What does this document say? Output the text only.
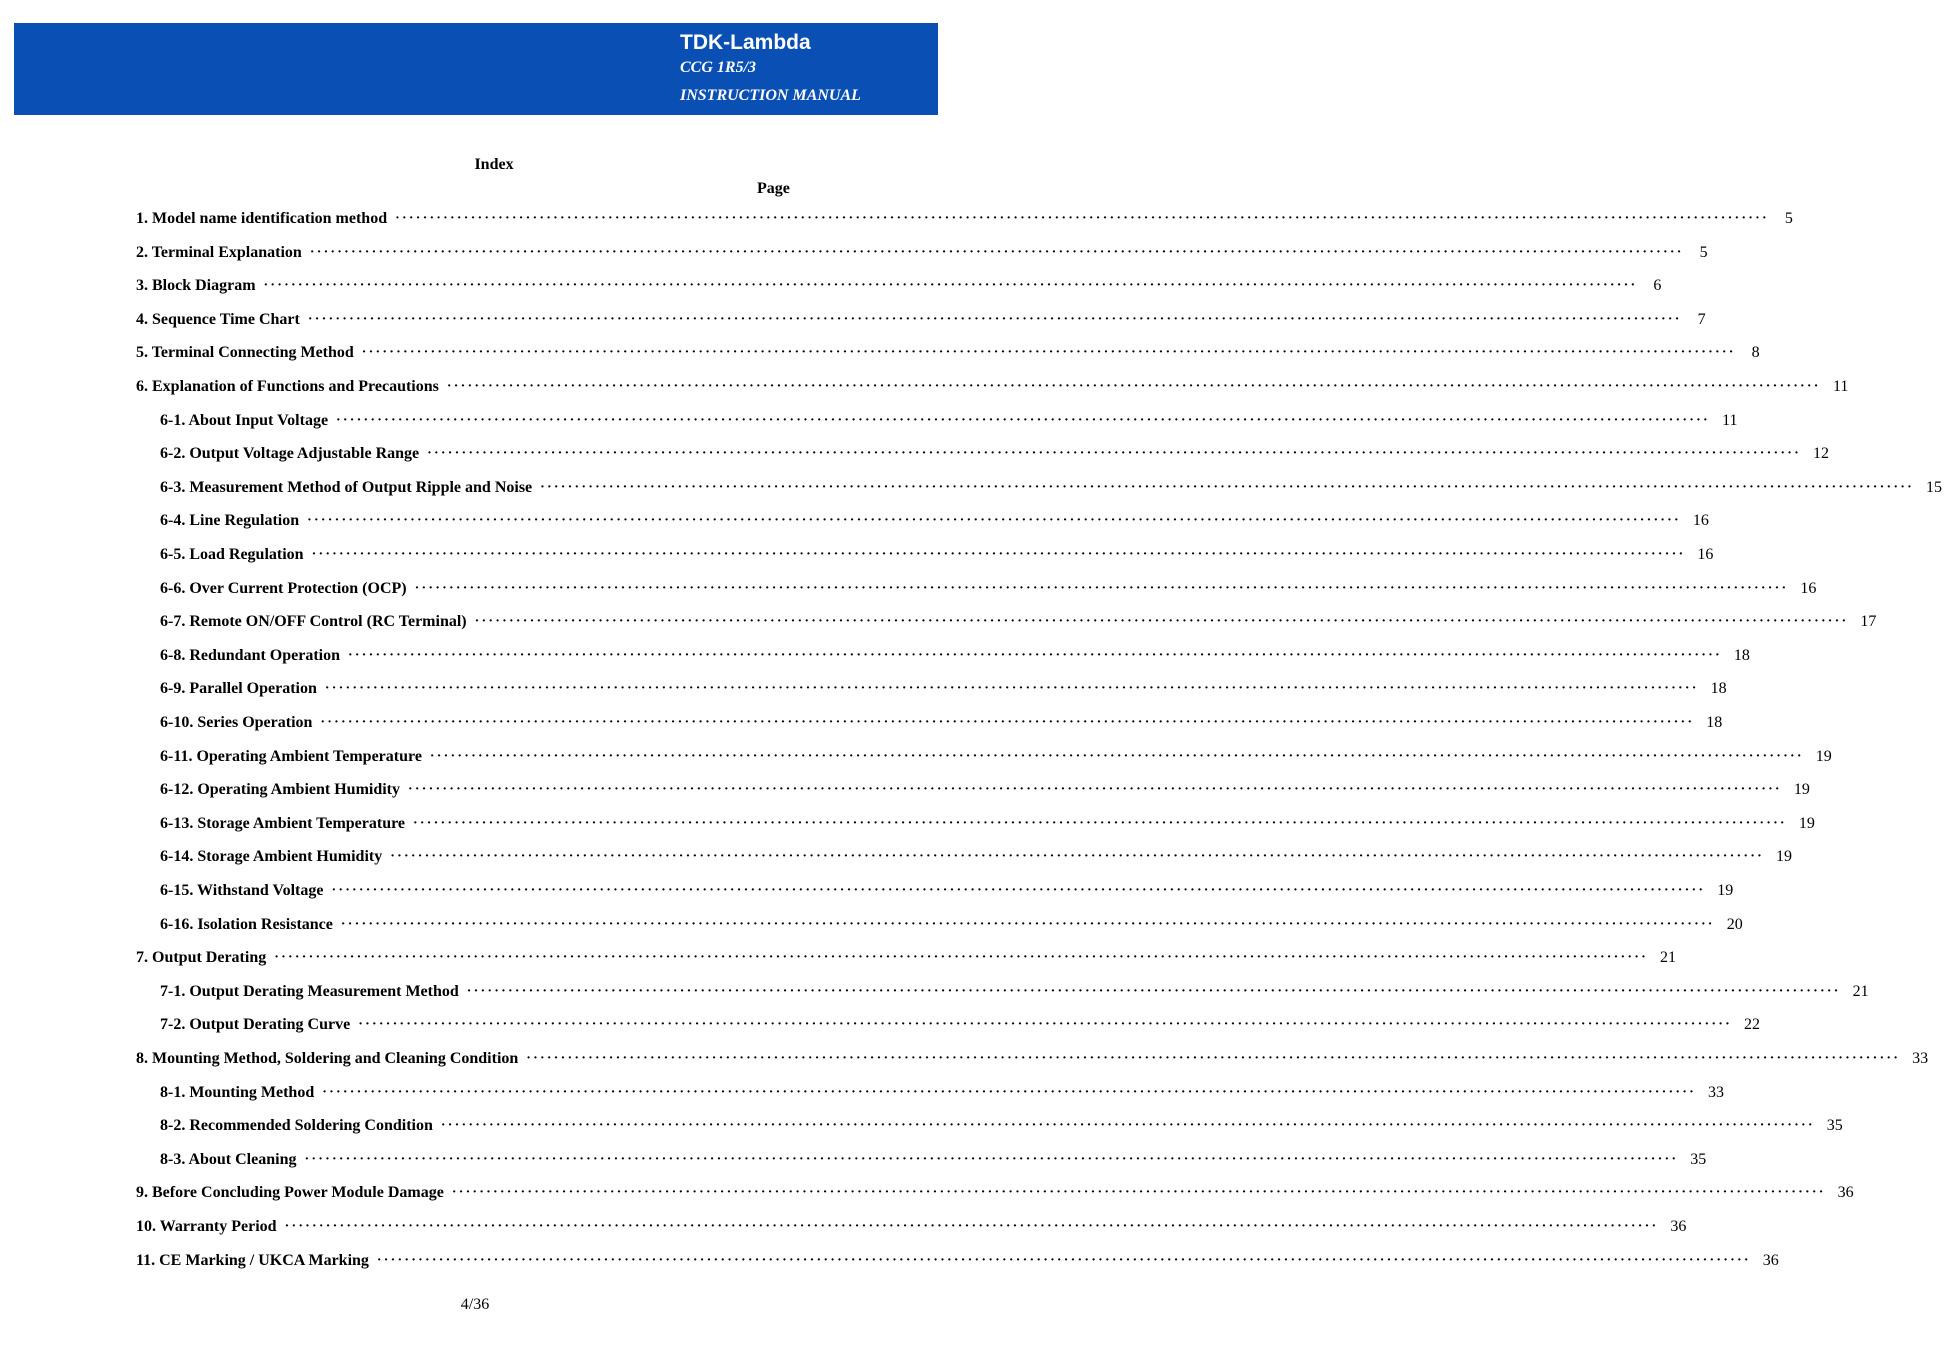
TDK-Lambda
CCG 1R5/3
INSTRUCTION MANUAL
Index
Page
1. Model name identification method ········································································································································································································	5
2. Terminal Explanation ········································································································································································································	5
3. Block Diagram ········································································································································································································	6
4. Sequence Time Chart ········································································································································································································	7
5. Terminal Connecting Method ········································································································································································································	8
6. Explanation of Functions and Precautions ········································································································································································································ 11
6-1. About Input Voltage ········································································································································································································ 11
6-2. Output Voltage Adjustable Range ········································································································································································································ 12
6-3. Measurement Method of Output Ripple and Noise ········································································································································································································ 15
6-4. Line Regulation ········································································································································································································ 16
6-5. Load Regulation ········································································································································································································ 16
6-6. Over Current Protection (OCP) ········································································································································································································ 16
6-7. Remote ON/OFF Control (RC Terminal) ········································································································································································································ 17
6-8. Redundant Operation ········································································································································································································ 18
6-9. Parallel Operation ········································································································································································································ 18
6-10. Series Operation ········································································································································································································ 18
6-11. Operating Ambient Temperature ········································································································································································································ 19
6-12. Operating Ambient Humidity ········································································································································································································ 19
6-13. Storage Ambient Temperature ········································································································································································································ 19
6-14. Storage Ambient Humidity ········································································································································································································ 19
6-15. Withstand Voltage ········································································································································································································ 19
6-16. Isolation Resistance ········································································································································································································ 20
7. Output Derating ········································································································································································································ 21
7-1. Output Derating Measurement Method ········································································································································································································ 21
7-2. Output Derating Curve ········································································································································································································ 22
8. Mounting Method, Soldering and Cleaning Condition ········································································································································································································ 33
8-1. Mounting Method ········································································································································································································ 33
8-2. Recommended Soldering Condition ········································································································································································································ 35
8-3. About Cleaning ········································································································································································································ 35
9. Before Concluding Power Module Damage ········································································································································································································ 36
10. Warranty Period ········································································································································································································ 36
11. CE Marking / UKCA Marking ········································································································································································································ 36
4/36
